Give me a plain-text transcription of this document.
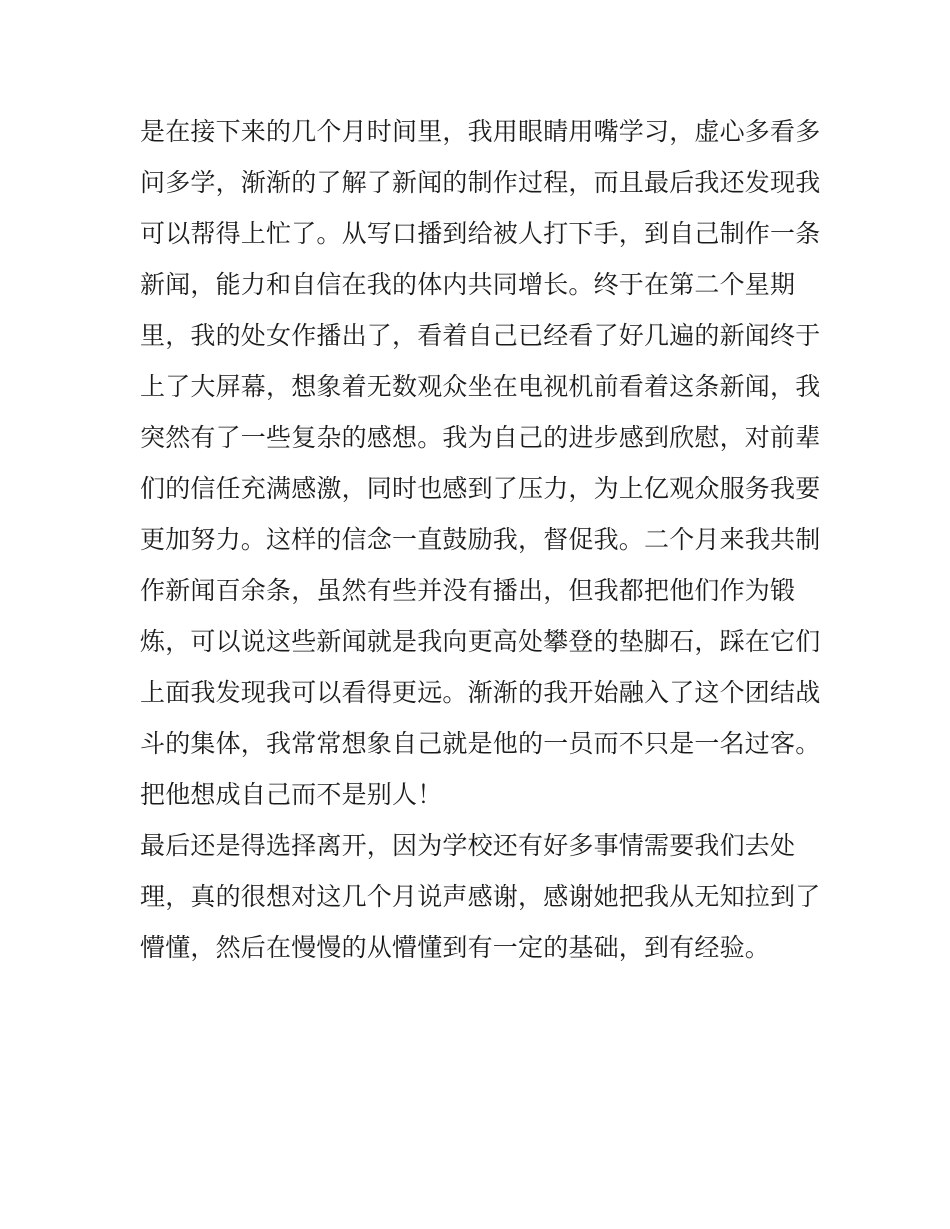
是在接下来的几个月时间里，我用眼睛用嘴学习，虚心多看多
问多学，渐渐的了解了新闻的制作过程，而且最后我还发现我
可以帮得上忙了。从写口播到给被人打下手，到自己制作一条
新闻，能力和自信在我的体内共同增长。终于在第二个星期
里，我的处女作播出了，看着自己已经看了好几遍的新闻终于
上了大屏幕，想象着无数观众坐在电视机前看着这条新闻，我
突然有了一些复杂的感想。我为自己的进步感到欣慰，对前辈
们的信任充满感激，同时也感到了压力，为上亿观众服务我要
更加努力。这样的信念一直鼓励我，督促我。二个月来我共制
作新闻百余条，虽然有些并没有播出，但我都把他们作为锻
炼，可以说这些新闻就是我向更高处攀登的垫脚石，踩在它们
上面我发现我可以看得更远。渐渐的我开始融入了这个团结战
斗的集体，我常常想象自己就是他的一员而不只是一名过客。
把他想成自己而不是别人！
最后还是得选择离开，因为学校还有好多事情需要我们去处
理，真的很想对这几个月说声感谢，感谢她把我从无知拉到了
懵懂，然后在慢慢的从懵懂到有一定的基础，到有经验。
